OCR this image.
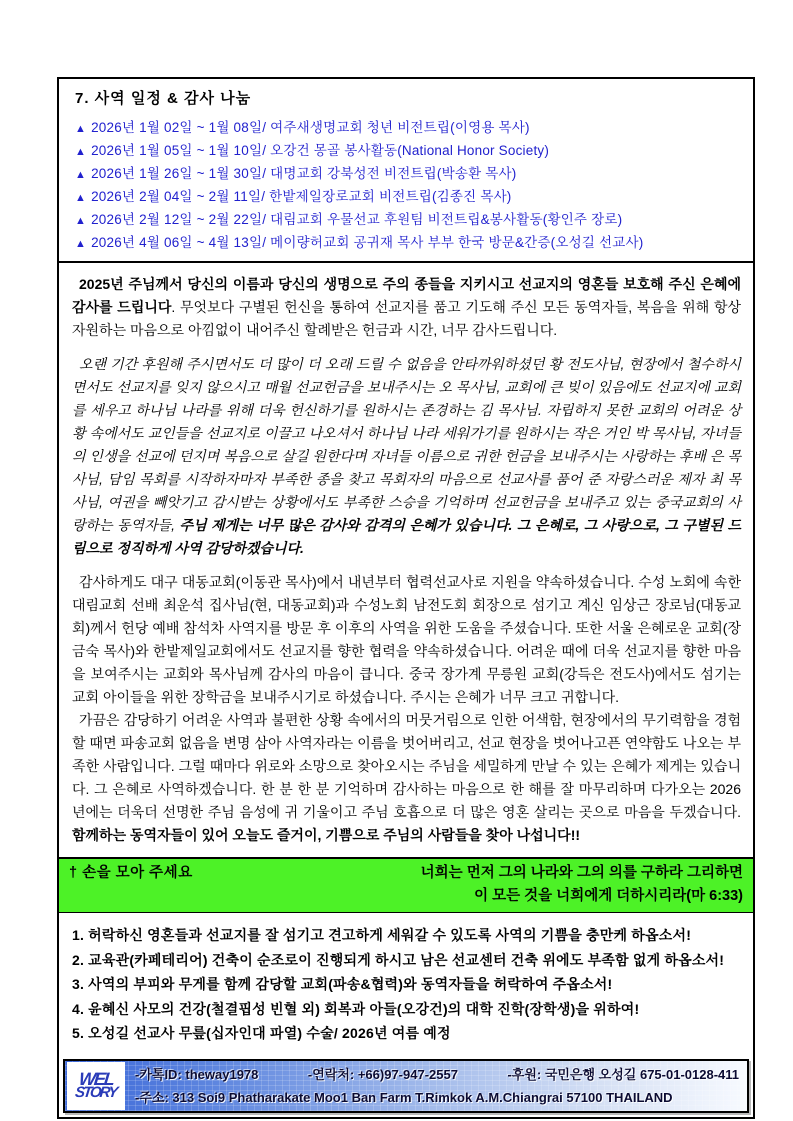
7. 사역 일정 & 감사 나눔
▲ 2026년 1월 02일 ~ 1월 08일/ 여주새생명교회 청년 비전트립(이영용 목사)
▲ 2026년 1월 05일 ~ 1월 10일/ 오강건 몽골 봉사활동(National Honor Society)
▲ 2026년 1월 26일 ~ 1월 30일/ 대명교회 강북성전 비전트립(박송환 목사)
▲ 2026년 2월 04일 ~ 2월 11일/ 한밭제일장로교회 비전트립(김종진 목사)
▲ 2026년 2월 12일 ~ 2월 22일/ 대림교회 우물선교 후원팀 비전트립&봉사활동(황인주 장로)
▲ 2026년 4월 06일 ~ 4월 13일/ 메이량허교회 공귀재 목사 부부 한국 방문&간증(오성길 선교사)

2025년 주님께서 당신의 이름과 당신의 생명으로 주의 종들을 지키시고 선교지의 영혼들 보호해 주신 은혜에 감사를 드립니다. 무엇보다 구별된 헌신을 통하여 선교지를 품고 기도해 주신 모든 동역자들, 복음을 위해 항상 자원하는 마음으로 아낌없이 내어주신 할례받은 헌금과 시간, 너무 감사드립니다.

오랜 기간 후원해 주시면서도 더 많이 더 오래 드릴 수 없음을 안타까워하셨던 황 전도사님, 현장에서 철수하시면서도 선교지를 잊지 않으시고 매월 선교헌금을 보내주시는 오 목사님, 교회에 큰 빚이 있음에도 선교지에 교회를 세우고 하나님 나라를 위해 더욱 헌신하기를 원하시는 존경하는 김 목사님. 자립하지 못한 교회의 어려운 상황 속에서도 교인들을 선교지로 이끌고 나오셔서 하나님 나라 세워가기를 원하시는 작은 거인 박 목사님, 자녀들의 인생을 선교에 던지며 복음으로 살길 원한다며 자녀들 이름으로 귀한 헌금을 보내주시는 사랑하는 후배 은 목사님, 담임 목회를 시작하자마자 부족한 종을 찾고 목회자의 마음으로 선교사를 품어 준 자랑스러운 제자 최 목사님, 여권을 빼앗기고 감시받는 상황에서도 부족한 스승을 기억하며 선교헌금을 보내주고 있는 중국교회의 사랑하는 동역자들, 주님 제게는 너무 많은 감사와 감격의 은혜가 있습니다. 그 은혜로, 그 사랑으로, 그 구별된 드림으로 정직하게 사역 감당하겠습니다.

감사하게도 대구 대동교회(이동관 목사)에서 내년부터 협력선교사로 지원을 약속하셨습니다. 수성 노회에 속한 대림교회 선배 최운석 집사님(현, 대동교회)과 수성노회 남전도회 회장으로 섬기고 계신 임상근 장로님(대동교회)께서 헌당 예배 참석차 사역지를 방문 후 이후의 사역을 위한 도움을 주셨습니다. 또한 서울 은혜로운 교회(장금숙 목사)와 한밭제일교회에서도 선교지를 향한 협력을 약속하셨습니다. 어려운 때에 더욱 선교지를 향한 마음을 보여주시는 교회와 목사님께 감사의 마음이 큽니다. 중국 장가계 무릉원 교회(강득은 전도사)에서도 섬기는 교회 아이들을 위한 장학금을 보내주시기로 하셨습니다. 주시는 은혜가 너무 크고 귀합니다.

가끔은 감당하기 어려운 사역과 불편한 상황 속에서의 머뭇거림으로 인한 어색함, 현장에서의 무기력함을 경험할 때면 파송교회 없음을 변명 삼아 사역자라는 이름을 벗어버리고, 선교 현장을 벗어나고픈 연약함도 나오는 부족한 사람입니다. 그럴 때마다 위로와 소망으로 찾아오시는 주님을 세밀하게 만날 수 있는 은혜가 제게는 있습니다. 그 은혜로 사역하겠습니다. 한 분 한 분 기억하며 감사하는 마음으로 한 해를 잘 마무리하며 다가오는 2026년에는 더욱더 선명한 주님 음성에 귀 기울이고 주님 호흡으로 더 많은 영혼 살리는 곳으로 마음을 두겠습니다. 함께하는 동역자들이 있어 오늘도 즐거이, 기쁨으로 주님의 사람들을 찾아 나섭니다!!

† 손을 모아 주세요	너희는 먼저 그의 나라와 그의 의를 구하라 그리하면
이 모든 것을 너희에게 더하시리라(마 6:33)
1. 허락하신 영혼들과 선교지를 잘 섬기고 견고하게 세워갈 수 있도록 사역의 기쁨을 충만케 하옵소서!
2. 교육관(카페테리어) 건축이 순조로이 진행되게 하시고 남은 선교센터 건축 위에도 부족함 없게 하옵소서!
3. 사역의 부피와 무게를 함께 감당할 교회(파송&협력)와 동역자들을 허락하여 주옵소서!
4. 윤혜신 사모의 건강(철결핍성 빈혈 외) 회복과 아들(오강건)의 대학 진학(장학생)을 위하여!
5. 오성길 선교사 무릎(십자인대 파열) 수술/ 2026년 여름 예정
WEL
STORY
-카톡ID: theway1978	-연락처: +66)97-947-2557	-후원: 국민은행 오성길 675-01-0128-411
-주소: 313 Soi9 Phatharakate Moo1 Ban Farm T.Rimkok A.M.Chiangrai 57100 THAILAND
